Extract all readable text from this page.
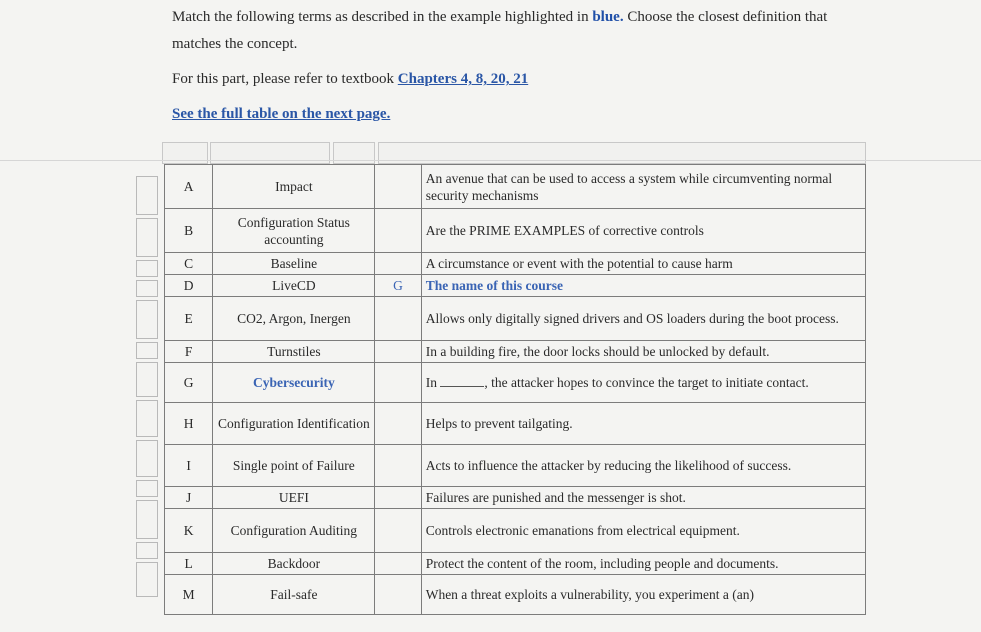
Match the following terms as described in the example highlighted in blue. Choose the closest definition that matches the concept.

For this part, please refer to textbook Chapters 4, 8, 20, 21

See the full table on the next page.

A	Impact		An avenue that can be used to access a system while circumventing normal security mechanisms
B	Configuration Status accounting		Are the PRIME EXAMPLES of corrective controls
C	Baseline		A circumstance or event with the potential to cause harm
D	LiveCD	G	The name of this course
E	CO2, Argon, Inergen		Allows only digitally signed drivers and OS loaders during the boot process.
F	Turnstiles		In a building fire, the door locks should be unlocked by default.
G	Cybersecurity		In , the attacker hopes to convince the target to initiate contact.
H	Configuration Identification		Helps to prevent tailgating.
I	Single point of Failure		Acts to influence the attacker by reducing the likelihood of success.
J	UEFI		Failures are punished and the messenger is shot.
K	Configuration Auditing		Controls electronic emanations from electrical equipment.
L	Backdoor		Protect the content of the room, including people and documents.
M	Fail-safe		When a threat exploits a vulnerability, you experiment a (an)
